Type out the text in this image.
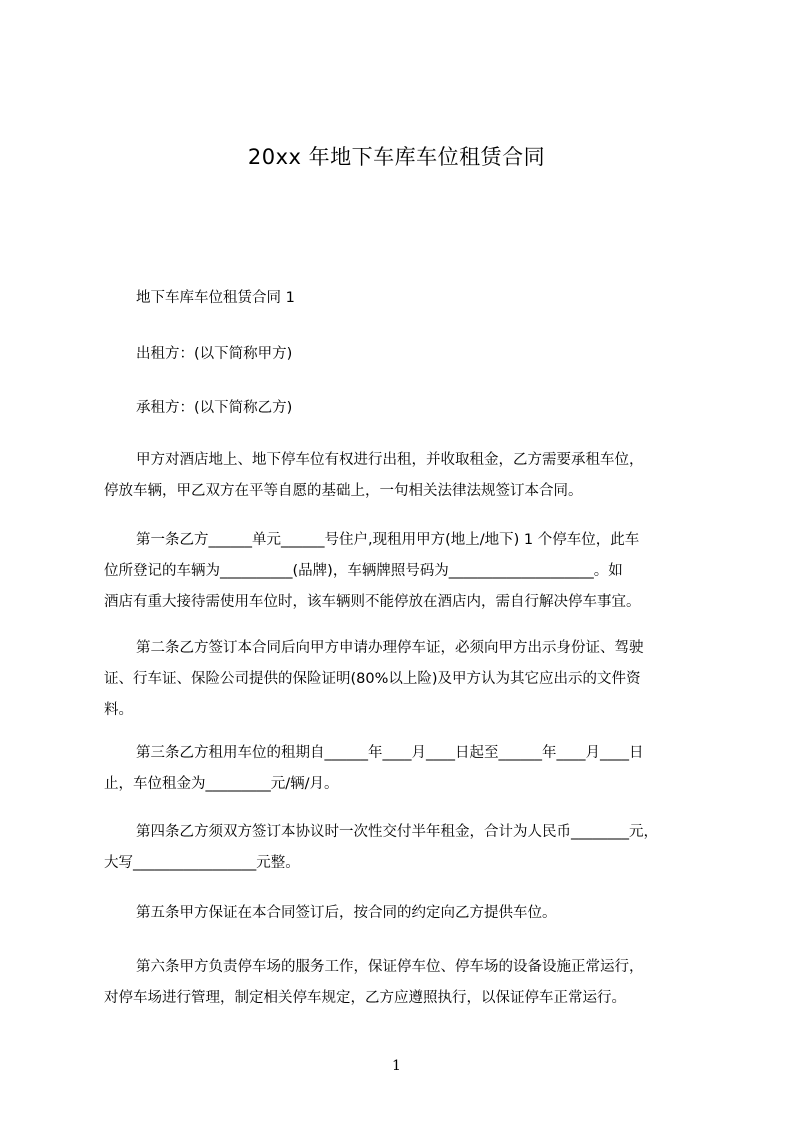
20xx 年地下车库车位租赁合同
地下车库车位租赁合同 1
出租方：(以下简称甲方)
承租方：(以下简称乙方)
甲方对酒店地上、地下停车位有权进行出租，并收取租金，乙方需要承租车位，
停放车辆，甲乙双方在平等自愿的基础上，一句相关法律法规签订本合同。
第一条乙方______单元______号住户,现租用甲方(地上/地下) 1 个停车位，此车
位所登记的车辆为__________(品牌)，车辆牌照号码为____________________。如
酒店有重大接待需使用车位时，该车辆则不能停放在酒店内，需自行解决停车事宜。
第二条乙方签订本合同后向甲方申请办理停车证，必须向甲方出示身份证、驾驶
证、行车证、保险公司提供的保险证明(80%以上险)及甲方认为其它应出示的文件资
料。
第三条乙方租用车位的租期自______年____月____日起至______年____月____日
止，车位租金为_________元/辆/月。
第四条乙方须双方签订本协议时一次性交付半年租金，合计为人民币________元，
大写_________________元整。
第五条甲方保证在本合同签订后，按合同的约定向乙方提供车位。
第六条甲方负责停车场的服务工作，保证停车位、停车场的设备设施正常运行，
对停车场进行管理，制定相关停车规定，乙方应遵照执行，以保证停车正常运行。
1
